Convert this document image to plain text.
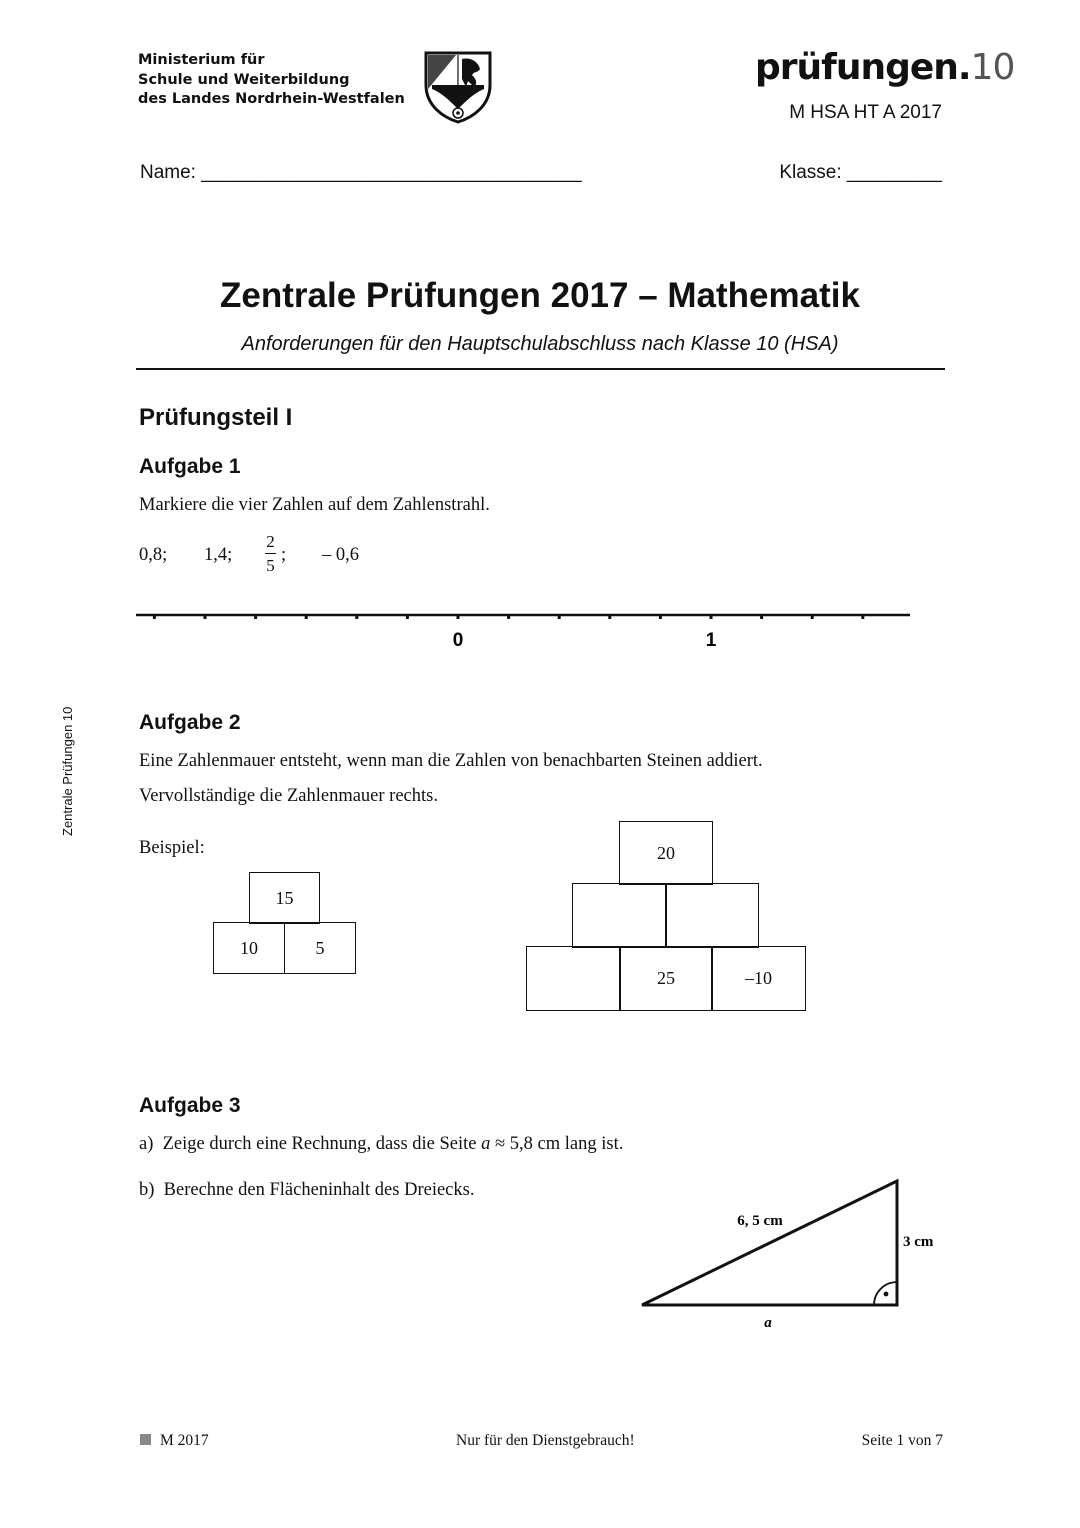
Ministerium für
Schule und Weiterbildung
des Landes Nordrhein-Westfalen
prüfungen.10
M HSA HT A 2017
Name: ____________________________________	Klasse: _________
Zentrale Prüfungen 2017 – Mathematik
Anforderungen für den Hauptschulabschluss nach Klasse 10 (HSA)
Zentrale Prüfungen 10
Prüfungsteil I
Aufgabe 1
Markiere die vier Zahlen auf dem Zahlenstrahl.
0,8; 1,4; $\frac{2}{5}$ ; – 0,6
0	1
Aufgabe 2
Eine Zahlenmauer entsteht, wenn man die Zahlen von benachbarten Steinen addiert.
Vervollständige die Zahlenmauer rechts.
Beispiel:
15
10	5
20
25	–10
Aufgabe 3
a) Zeige durch eine Rechnung, dass die Seite a ≈ 5,8 cm lang ist.
b) Berechne den Flächeninhalt des Dreiecks.
6, 5 cm
3 cm
a
M 2017	Nur für den Dienstgebrauch!	Seite 1 von 7
